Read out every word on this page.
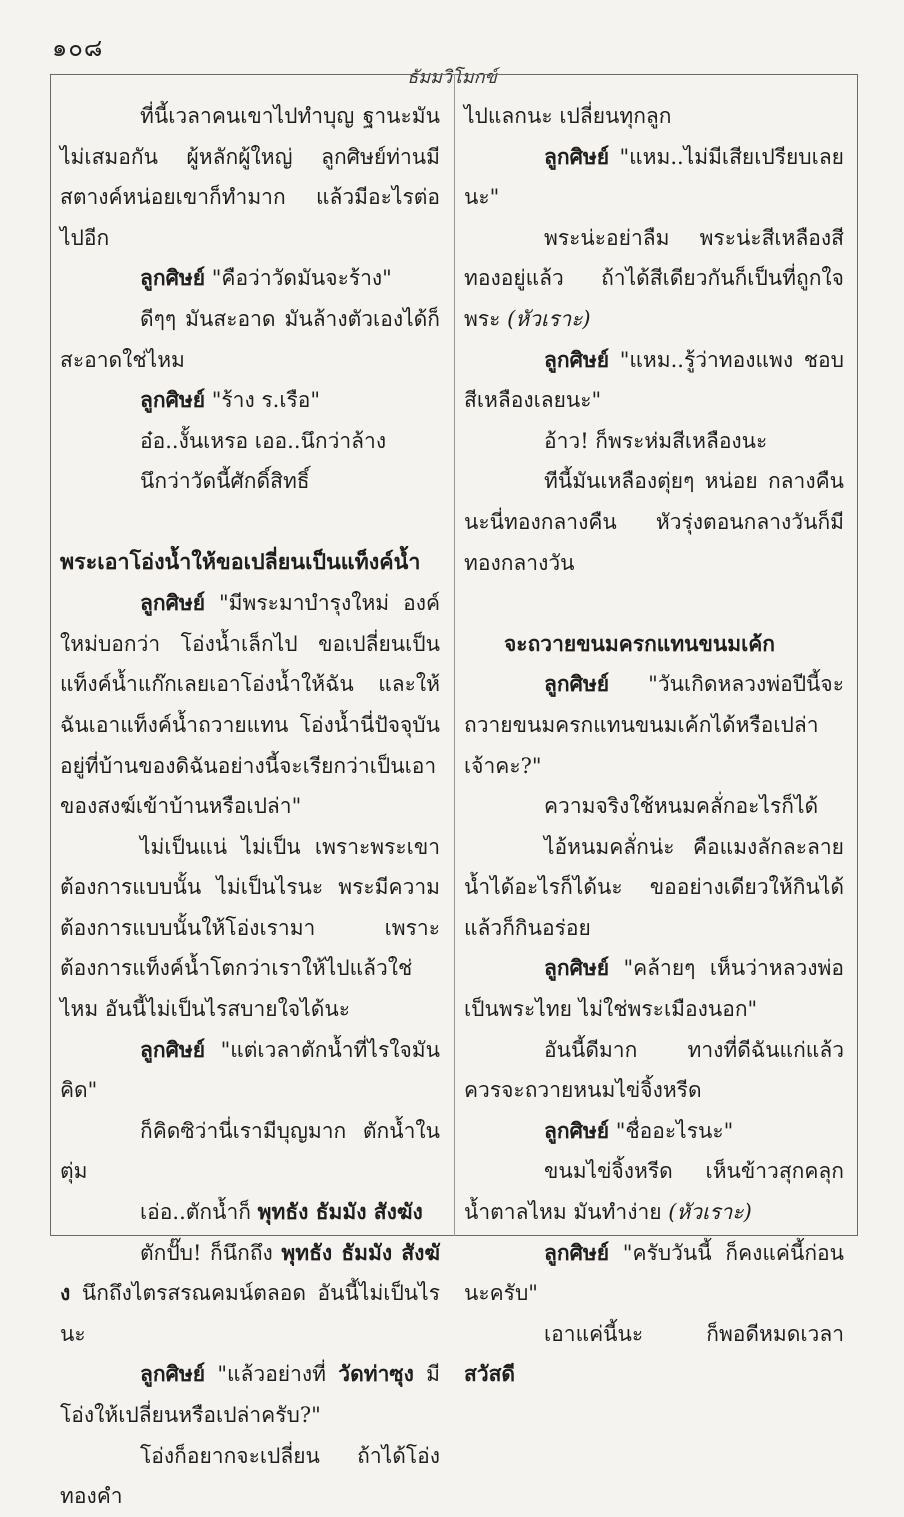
๑๐๘
ธัมมวิโมกข์

ที่นี้เวลาคนเขาไปทำบุญ ฐานะมันไม่เสมอกัน ผู้หลักผู้ใหญ่ ลูกศิษย์ท่านมีสตางค์หน่อยเขาก็ทำมาก แล้วมีอะไรต่อไปอีก

ลูกศิษย์ "คือว่าวัดมันจะร้าง"

ดีๆๆ มันสะอาด มันล้างตัวเองได้ก็สะอาดใช่ไหม

ลูกศิษย์ "ร้าง ร.เรือ"

อ๋อ..งั้นเหรอ เออ..นึกว่าล้าง

นึกว่าวัดนี้ศักดิ์สิทธิ์

พระเอาโอ่งน้ำให้ขอเปลี่ยนเป็นแท็งค์น้ำ

ลูกศิษย์ "มีพระมาบำรุงใหม่ องค์ใหม่บอกว่า โอ่งน้ำเล็กไป ขอเปลี่ยนเป็นแท็งค์น้ำแก๊กเลยเอาโอ่งน้ำให้ฉัน และให้ฉันเอาแท็งค์น้ำถวายแทน โอ่งน้ำนี่ปัจจุบันอยู่ที่บ้านของดิฉันอย่างนี้จะเรียกว่าเป็นเอาของสงฆ์เข้าบ้านหรือเปล่า"

ไม่เป็นแน่ ไม่เป็น เพราะพระเขาต้องการแบบนั้น ไม่เป็นไรนะ พระมีความต้องการแบบนั้นให้โอ่งเรามา เพราะต้องการแท็งค์น้ำโตกว่าเราให้ไปแล้วใช่ไหม อันนี้ไม่เป็นไรสบายใจได้นะ

ลูกศิษย์ "แต่เวลาตักน้ำที่ไรใจมันคิด"

ก็คิดซิว่านี่เรามีบุญมาก ตักน้ำในตุ่ม

เอ่อ..ตักน้ำก็ พุทธัง ธัมมัง สังฆัง

ตักปั๊บ! ก็นึกถึง พุทธัง ธัมมัง สังฆัง นึกถึงไตรสรณคมน์ตลอด อันนี้ไม่เป็นไรนะ

ลูกศิษย์ "แล้วอย่างที่ วัดท่าซุง มีโอ่งให้เปลี่ยนหรือเปล่าครับ?"

โอ่งก็อยากจะเปลี่ยน ถ้าได้โอ่งทองคำ

ไปแลกนะ เปลี่ยนทุกลูก

ลูกศิษย์ "แหม..ไม่มีเสียเปรียบเลยนะ"

พระน่ะอย่าลืม พระน่ะสีเหลืองสีทองอยู่แล้ว ถ้าได้สีเดียวกันก็เป็นที่ถูกใจพระ (หัวเราะ)

ลูกศิษย์ "แหม..รู้ว่าทองแพง ชอบสีเหลืองเลยนะ"

อ้าว! ก็พระห่มสีเหลืองนะ

ทีนี้มันเหลืองตุ่ยๆ หน่อย กลางคืนนะนี่ทองกลางคืน หัวรุ่งตอนกลางวันก็มีทองกลางวัน

จะถวายขนมครกแทนขนมเค้ก

ลูกศิษย์ "วันเกิดหลวงพ่อปีนี้จะถวายขนมครกแทนขนมเค้กได้หรือเปล่าเจ้าคะ?"

ความจริงใช้หนมคลั่กอะไรก็ได้

ไอ้หนมคลั่กน่ะ คือแมงลักละลายน้ำได้อะไรก็ได้นะ ขออย่างเดียวให้กินได้ แล้วก็กินอร่อย

ลูกศิษย์ "คล้ายๆ เห็นว่าหลวงพ่อเป็นพระไทย ไม่ใช่พระเมืองนอก"

อันนี้ดีมาก ทางที่ดีฉันแก่แล้ว ควรจะถวายหนมไข่จิ้งหรีด

ลูกศิษย์ "ชื่ออะไรนะ"

ขนมไข่จิ้งหรีด เห็นข้าวสุกคลุกน้ำตาลไหม มันทำง่าย (หัวเราะ)

ลูกศิษย์ "ครับวันนี้ ก็คงแค่นี้ก่อนนะครับ"

เอาแค่นี้นะ ก็พอดีหมดเวลา สวัสดี
